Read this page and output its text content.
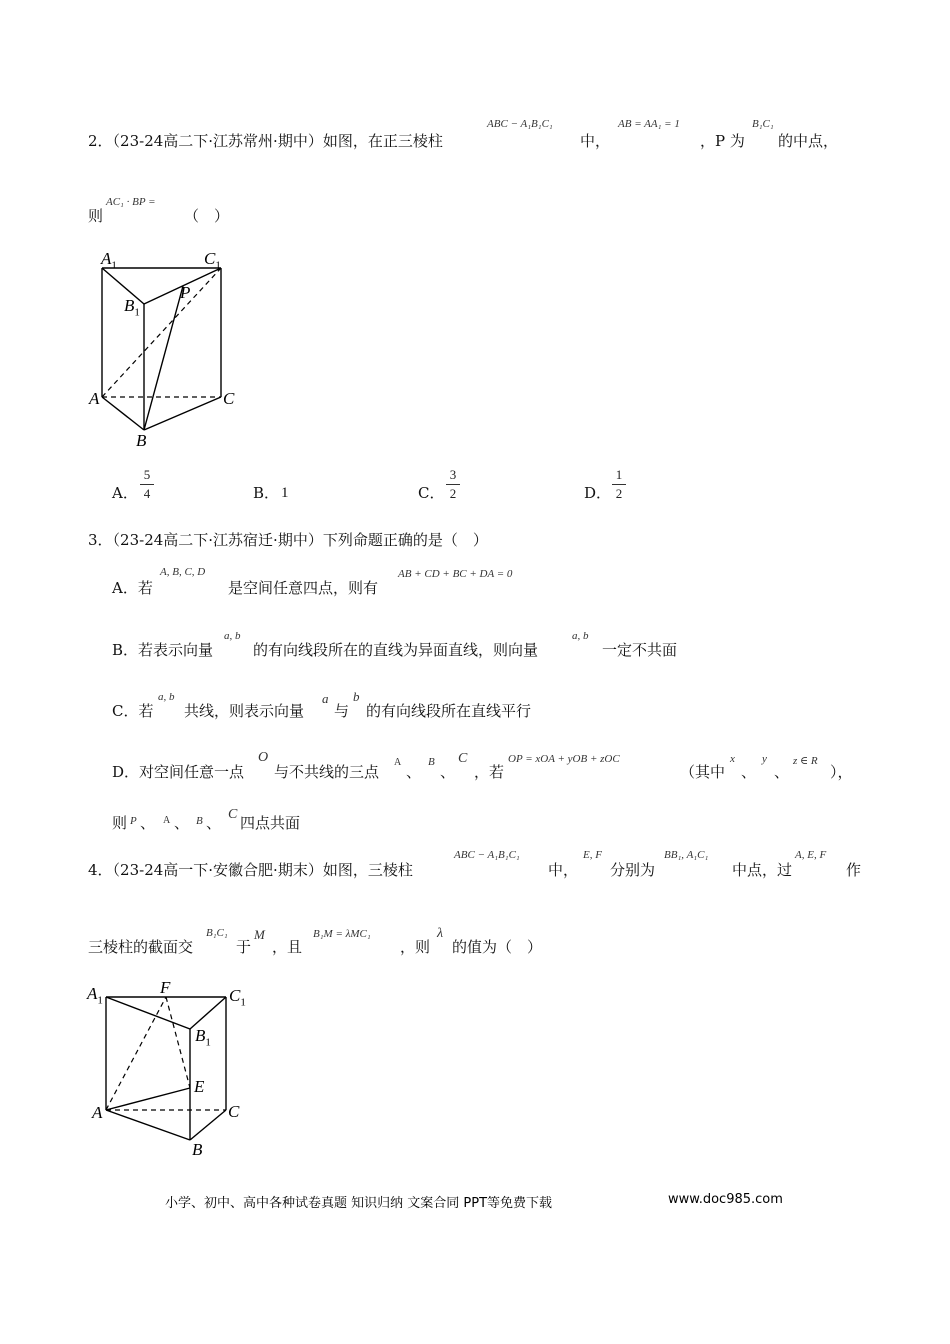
2．（23-24高二下·江苏常州·期中）如图，在正三棱柱
ABC − A₁B₁C₁
中，
AB = AA₁ = 1
，P 为
B₁C₁
的中点，
则
AC₁ · BP =
（　）
$A_1$	$C_1$
$B_1$
P
A	C
B
A．
5
4	B． 1	C．
3
2	D．
1
2
3．（23-24高二下·江苏宿迁·期中）下列命题正确的是（　）
A．若
A, B, C, D
是空间任意四点，则有
AB + CD + BC + DA = 0
B．若表示向量
a, b
的有向线段所在的直线为异面直线，则向量
a, b
一定不共面
C．若
a, b
共线，则表示向量
a
与
b
的有向线段所在直线平行
D．对空间任意一点
O
与不共线的三点
A
、
B
、
C
，若
OP = xOA + yOB + zOC
（其中
x
、
y
、
z ∈ R
），
则 P 、 A 、 B 、 C 四点共面
4．（23-24高一下·安徽合肥·期末）如图，三棱柱
ABC − A₁B₁C₁
中，
E, F
分别为
BB₁, A₁C₁
中点，过
A, E, F
作
三棱柱的截面交
B₁C₁
于
M
，且
B₁M = λMC₁
，则
λ
的值为（　）
$A_1$
F	$C_1$
$B_1$
E
A	C
B
小学、初中、高中各种试卷真题 知识归纳 文案合同 PPT等免费下载	www.doc985.com
